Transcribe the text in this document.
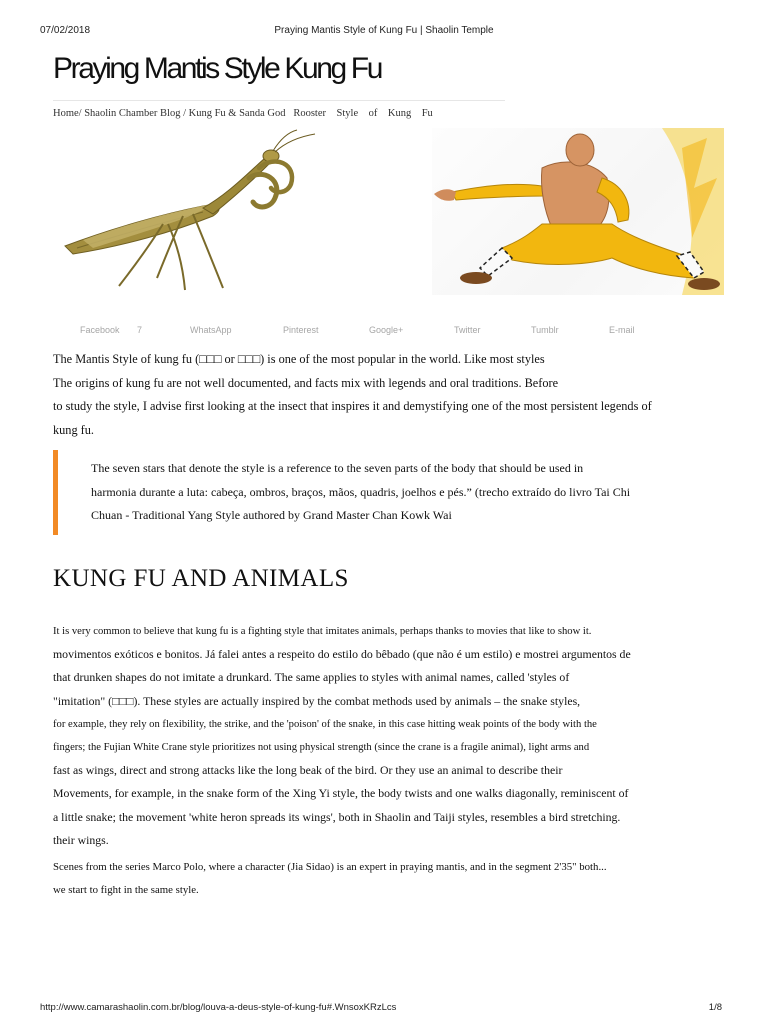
07/02/2018	Praying Mantis Style of Kung Fu | Shaolin Temple
Praying Mantis Style Kung Fu
Home/ Shaolin Chamber Blog / Kung Fu & Sanda God Rooster Style of Kung Fu
Facebook 7	WhatsApp	Pinterest	Google+	Twitter	Tumblr	E-mail

The Mantis Style of kung fu (□□□ or □□□) is one of the most popular in the world. Like most styles

The origins of kung fu are not well documented, and facts mix with legends and oral traditions. Before

to study the style, I advise first looking at the insect that inspires it and demystifying one of the most persistent legends of

kung fu.

The seven stars that denote the style is a reference to the seven parts of the body that should be used in

harmonia durante a luta: cabeça, ombros, braços, mãos, quadris, joelhos e pés.” (trecho extraído do livro Tai Chi

Chuan - Traditional Yang Style authored by Grand Master Chan Kowk Wai

KUNG FU AND ANIMALS

It is very common to believe that kung fu is a fighting style that imitates animals, perhaps thanks to movies that like to show it.

movimentos exóticos e bonitos. Já falei antes a respeito do estilo do bêbado (que não é um estilo) e mostrei argumentos de

that drunken shapes do not imitate a drunkard. The same applies to styles with animal names, called 'styles of

"imitation" (□□□). These styles are actually inspired by the combat methods used by animals – the snake styles,

for example, they rely on flexibility, the strike, and the 'poison' of the snake, in this case hitting weak points of the body with the

fingers; the Fujian White Crane style prioritizes not using physical strength (since the crane is a fragile animal), light arms and

fast as wings, direct and strong attacks like the long beak of the bird. Or they use an animal to describe their

Movements, for example, in the snake form of the Xing Yi style, the body twists and one walks diagonally, reminiscent of

a little snake; the movement 'white heron spreads its wings', both in Shaolin and Taiji styles, resembles a bird stretching.

their wings.

Scenes from the series Marco Polo, where a character (Jia Sidao) is an expert in praying mantis, and in the segment 2'35" both...

we start to fight in the same style.

http://www.camarashaolin.com.br/blog/louva-a-deus-style-of-kung-fu#.WnsoxKRzLcs	1/8
